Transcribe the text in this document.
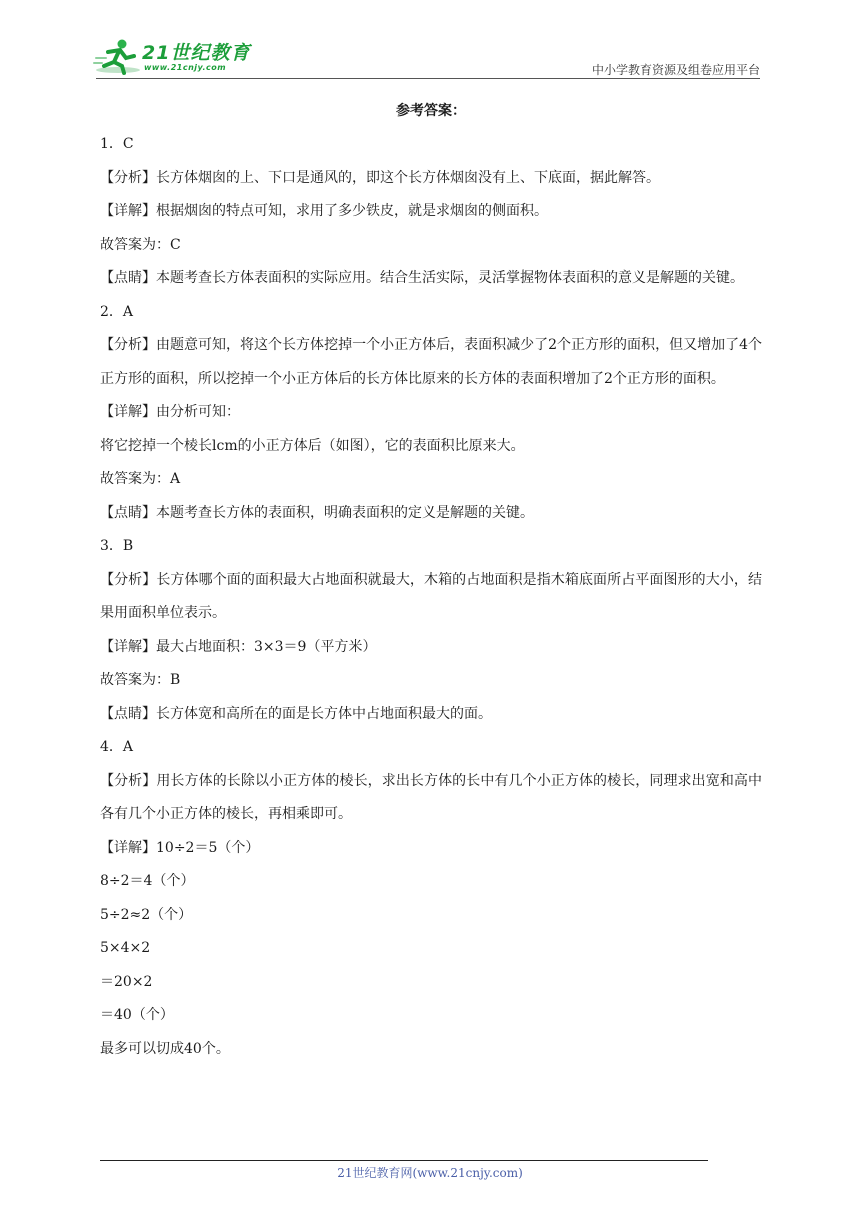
21世纪教育
www.21cnjy.com	中小学教育资源及组卷应用平台
参考答案：

1．C

【分析】长方体烟囱的上、下口是通风的，即这个长方体烟囱没有上、下底面，据此解答。

【详解】根据烟囱的特点可知，求用了多少铁皮，就是求烟囱的侧面积。

故答案为：C

【点睛】本题考查长方体表面积的实际应用。结合生活实际，灵活掌握物体表面积的意义是解题的关键。

2．A

【分析】由题意可知，将这个长方体挖掉一个小正方体后，表面积减少了2个正方形的面积，但又增加了4个正方形的面积，所以挖掉一个小正方体后的长方体比原来的长方体的表面积增加了2个正方形的面积。

【详解】由分析可知：

将它挖掉一个棱长lcm的小正方体后（如图），它的表面积比原来大。

故答案为：A

【点睛】本题考查长方体的表面积，明确表面积的定义是解题的关键。

3．B

【分析】长方体哪个面的面积最大占地面积就最大，木箱的占地面积是指木箱底面所占平面图形的大小，结果用面积单位表示。

【详解】最大占地面积：3×3＝9（平方米）

故答案为：B

【点睛】长方体宽和高所在的面是长方体中占地面积最大的面。

4．A

【分析】用长方体的长除以小正方体的棱长，求出长方体的长中有几个小正方体的棱长，同理求出宽和高中各有几个小正方体的棱长，再相乘即可。

【详解】10÷2＝5（个）

8÷2＝4（个）

5÷2≈2（个）

5×4×2

＝20×2

＝40（个）

最多可以切成40个。

21世纪教育网(www.21cnjy.com)
